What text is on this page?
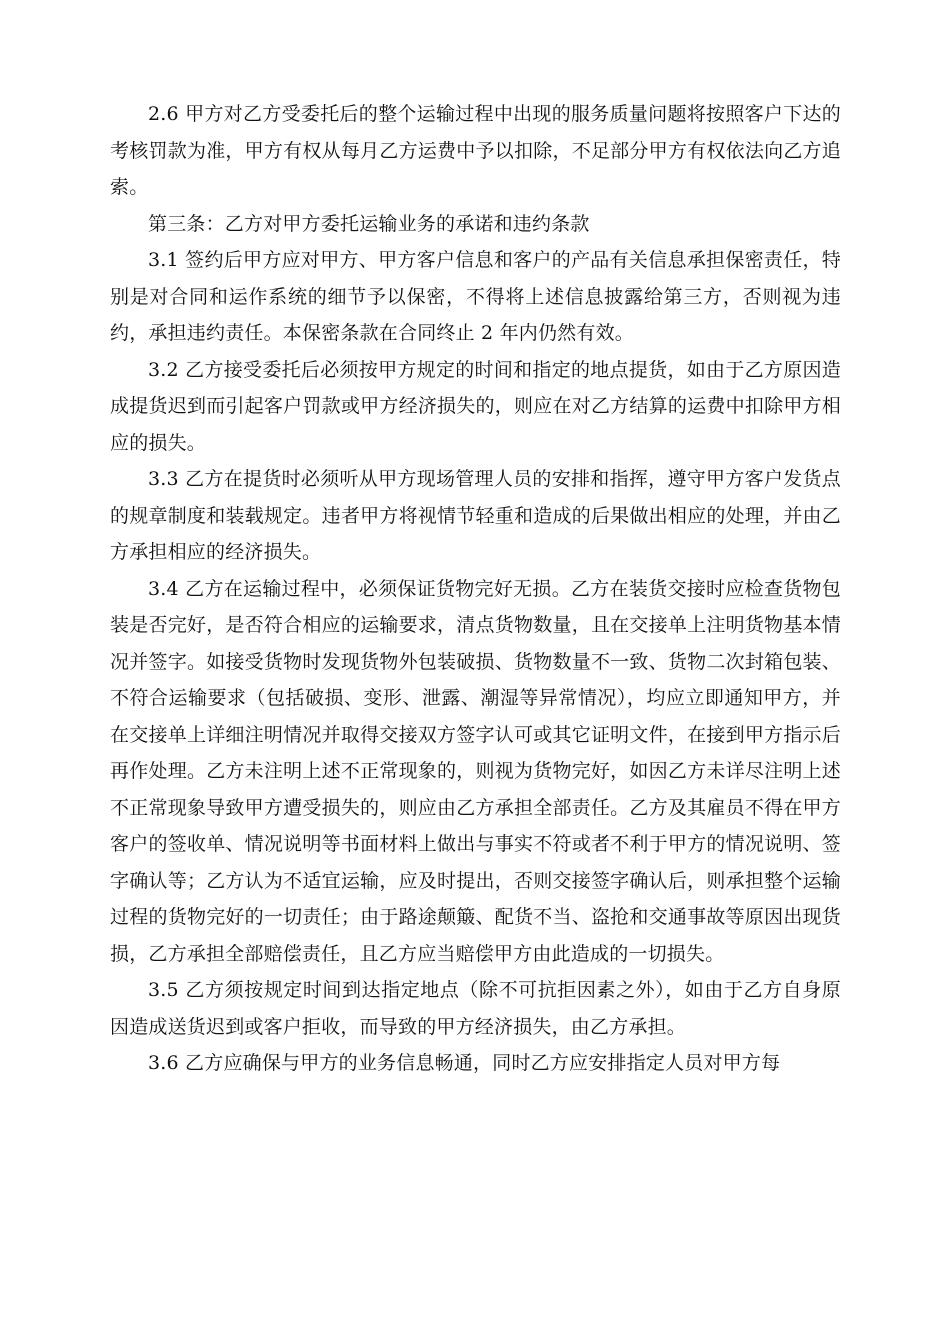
2.6 甲方对乙方受委托后的整个运输过程中出现的服务质量问题将按照客户下达的考核罚款为准，甲方有权从每月乙方运费中予以扣除，不足部分甲方有权依法向乙方追索。

第三条：乙方对甲方委托运输业务的承诺和违约条款

3.1 签约后甲方应对甲方、甲方客户信息和客户的产品有关信息承担保密责任，特别是对合同和运作系统的细节予以保密，不得将上述信息披露给第三方，否则视为违约，承担违约责任。本保密条款在合同终止 2 年内仍然有效。

3.2 乙方接受委托后必须按甲方规定的时间和指定的地点提货，如由于乙方原因造成提货迟到而引起客户罚款或甲方经济损失的，则应在对乙方结算的运费中扣除甲方相应的损失。

3.3 乙方在提货时必须听从甲方现场管理人员的安排和指挥，遵守甲方客户发货点的规章制度和装载规定。违者甲方将视情节轻重和造成的后果做出相应的处理，并由乙方承担相应的经济损失。

3.4 乙方在运输过程中，必须保证货物完好无损。乙方在装货交接时应检查货物包装是否完好，是否符合相应的运输要求，清点货物数量，且在交接单上注明货物基本情况并签字。如接受货物时发现货物外包装破损、货物数量不一致、货物二次封箱包装、不符合运输要求（包括破损、变形、泄露、潮湿等异常情况），均应立即通知甲方，并在交接单上详细注明情况并取得交接双方签字认可或其它证明文件，在接到甲方指示后再作处理。乙方未注明上述不正常现象的，则视为货物完好，如因乙方未详尽注明上述不正常现象导致甲方遭受损失的，则应由乙方承担全部责任。乙方及其雇员不得在甲方客户的签收单、情况说明等书面材料上做出与事实不符或者不利于甲方的情况说明、签字确认等；乙方认为不适宜运输，应及时提出，否则交接签字确认后，则承担整个运输过程的货物完好的一切责任；由于路途颠簸、配货不当、盗抢和交通事故等原因出现货损，乙方承担全部赔偿责任，且乙方应当赔偿甲方由此造成的一切损失。

3.5 乙方须按规定时间到达指定地点（除不可抗拒因素之外），如由于乙方自身原因造成送货迟到或客户拒收，而导致的甲方经济损失，由乙方承担。

3.6 乙方应确保与甲方的业务信息畅通，同时乙方应安排指定人员对甲方每
